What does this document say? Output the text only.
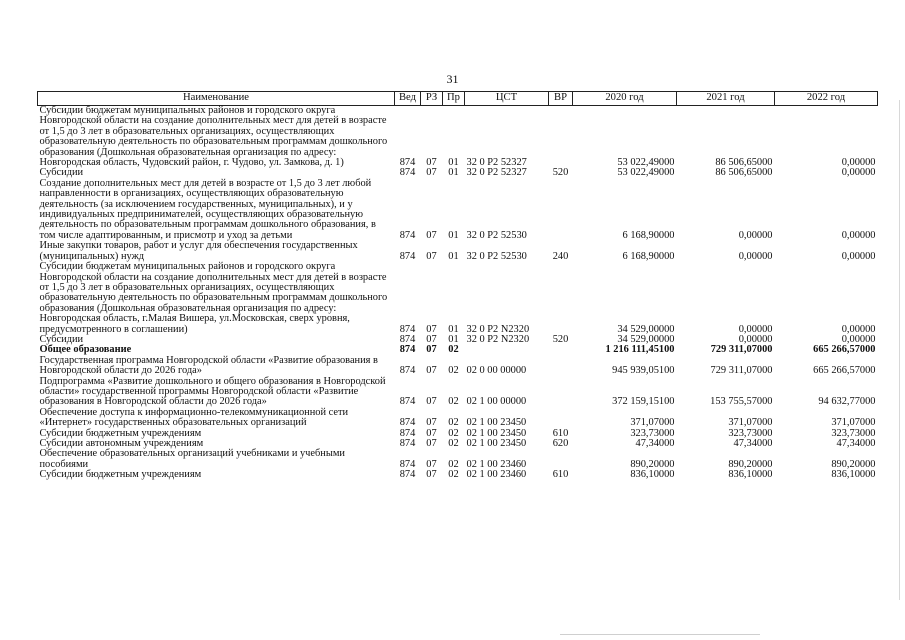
31
Наименование	Вед	РЗ	Пр	ЦСТ	ВР	2020 год	2021 год	2022 год
Субсидии бюджетам муниципальных районов и городского округа Новгородской области на создание дополнительных мест для детей в возрасте от 1,5 до 3 лет в образовательных организациях, осуществляющих образовательную деятельность по образовательным программам дошкольного образования (Дошкольная образовательная организация по адресу: Новгородская область, Чудовский район, г. Чудово, ул. Замкова, д. 1)	874	07	01	32 0 P2 52327		53 022,49000	86 506,65000	0,00000
Субсидии	874	07	01	32 0 P2 52327	520	53 022,49000	86 506,65000	0,00000
Создание дополнительных мест для детей в возрасте от 1,5 до 3 лет любой направленности в организациях, осуществляющих образовательную деятельность (за исключением государственных, муниципальных), и у индивидуальных предпринимателей, осуществляющих образовательную деятельность по образовательным программам дошкольного образования, в том числе адаптированным, и присмотр и уход за детьми	874	07	01	32 0 P2 52530		6 168,90000	0,00000	0,00000
Иные закупки товаров, работ и услуг для обеспечения государственных (муниципальных) нужд	874	07	01	32 0 P2 52530	240	6 168,90000	0,00000	0,00000
Субсидии бюджетам муниципальных районов и городского округа Новгородской области на создание дополнительных мест для детей в возрасте от 1,5 до 3 лет в образовательных организациях, осуществляющих образовательную деятельность по образовательным программам дошкольного образования (Дошкольная образовательная организация по адресу: Новгородская область, г.Малая Вишера, ул.Московская, сверх уровня, предусмотренного в соглашении)	874	07	01	32 0 P2 N2320		34 529,00000	0,00000	0,00000
Субсидии	874	07	01	32 0 P2 N2320	520	34 529,00000	0,00000	0,00000
Общее образование	874	07	02			1 216 111,45100	729 311,07000	665 266,57000
Государственная программа Новгородской области «Развитие образования в Новгородской области до 2026 года»	874	07	02	02 0 00 00000		945 939,05100	729 311,07000	665 266,57000
Подпрограмма «Развитие дошкольного и общего образования в Новгородской области» государственной программы Новгородской области «Развитие образования в Новгородской области до 2026 года»	874	07	02	02 1 00 00000		372 159,15100	153 755,57000	94 632,77000
Обеспечение доступа к информационно-телекоммуникационной сети «Интернет» государственных образовательных организаций	874	07	02	02 1 00 23450		371,07000	371,07000	371,07000
Субсидии бюджетным учреждениям	874	07	02	02 1 00 23450	610	323,73000	323,73000	323,73000
Субсидии автономным учреждениям	874	07	02	02 1 00 23450	620	47,34000	47,34000	47,34000
Обеспечение образовательных организаций учебниками и учебными пособиями	874	07	02	02 1 00 23460		890,20000	890,20000	890,20000
Субсидии бюджетным учреждениям	874	07	02	02 1 00 23460	610	836,10000	836,10000	836,10000
